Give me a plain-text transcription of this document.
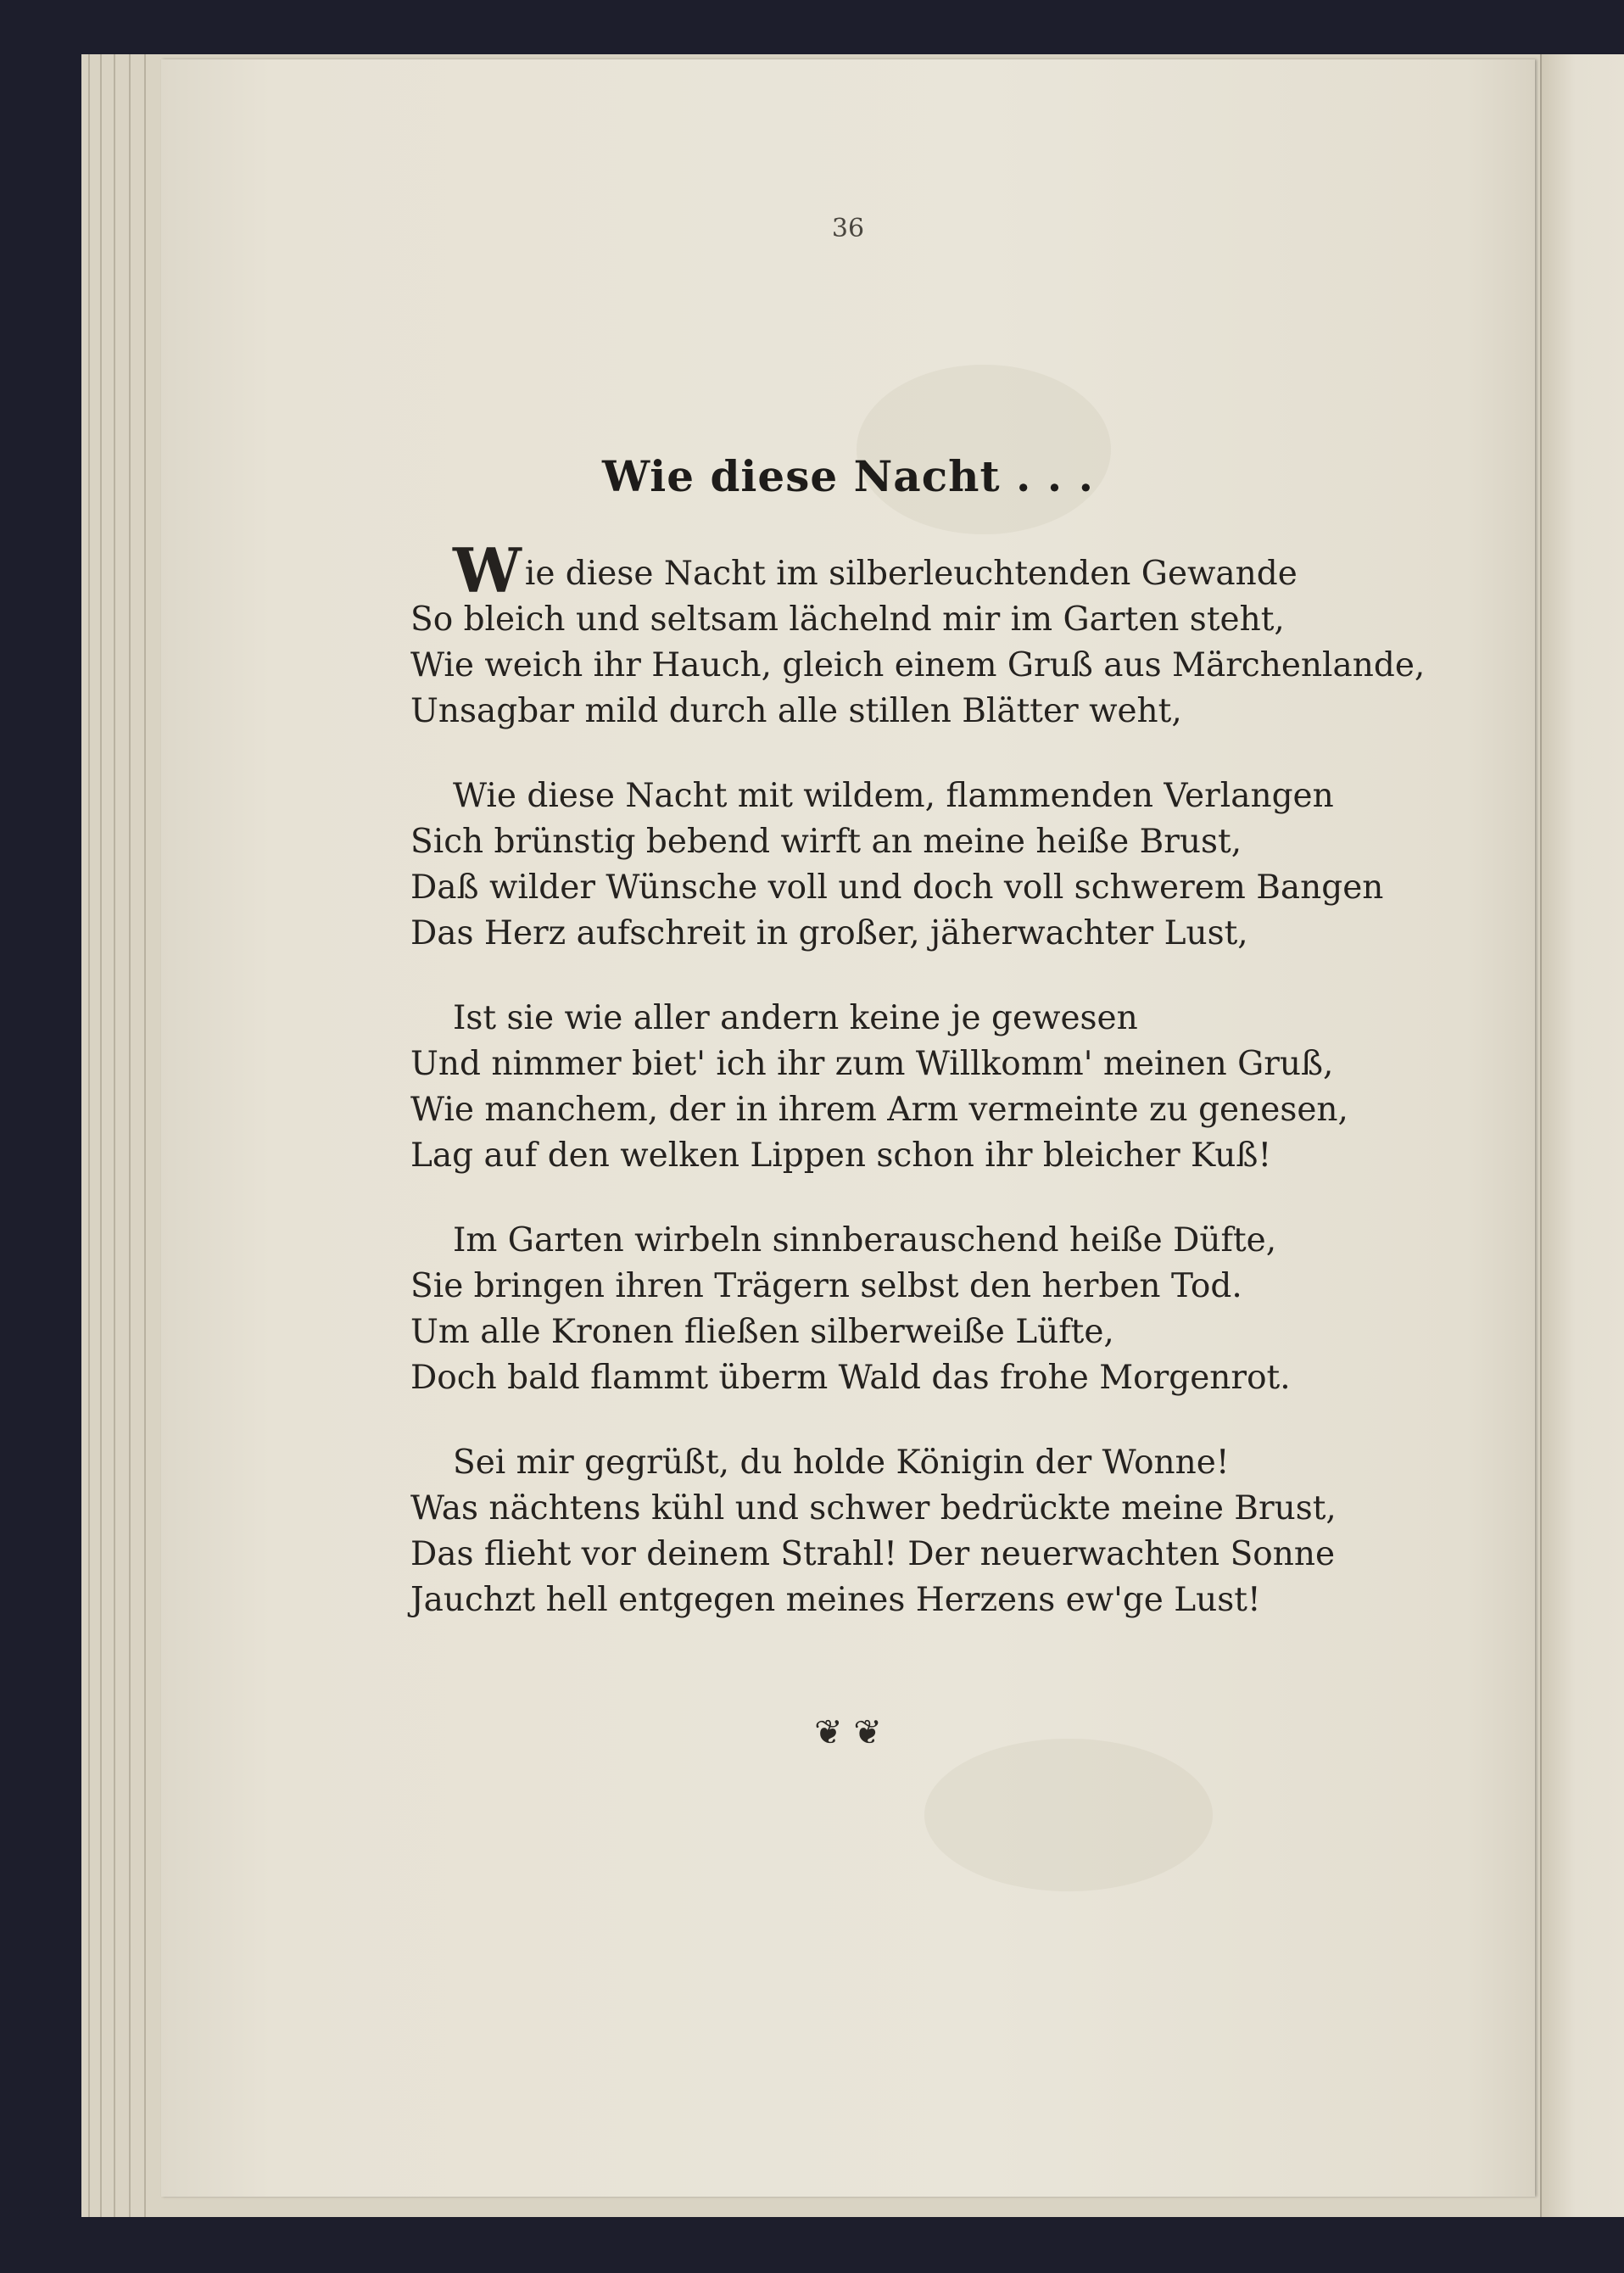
36
Wie diese Nacht . . .
Wie diese Nacht im silberleuchtenden Gewande
So bleich und seltsam lächelnd mir im Garten steht,
Wie weich ihr Hauch, gleich einem Gruß aus Märchenlande,
Unsagbar mild durch alle stillen Blätter weht,
Wie diese Nacht mit wildem, flammenden Verlangen
Sich brünstig bebend wirft an meine heiße Brust,
Daß wilder Wünsche voll und doch voll schwerem Bangen
Das Herz aufschreit in großer, jäherwachter Lust,
Ist sie wie aller andern keine je gewesen
Und nimmer biet' ich ihr zum Willkomm' meinen Gruß,
Wie manchem, der in ihrem Arm vermeinte zu genesen,
Lag auf den welken Lippen schon ihr bleicher Kuß!
Im Garten wirbeln sinnberauschend heiße Düfte,
Sie bringen ihren Trägern selbst den herben Tod.
Um alle Kronen fließen silberweiße Lüfte,
Doch bald flammt überm Wald das frohe Morgenrot.
Sei mir gegrüßt, du holde Königin der Wonne!
Was nächtens kühl und schwer bedrückte meine Brust,
Das flieht vor deinem Strahl! Der neuerwachten Sonne
Jauchzt hell entgegen meines Herzens ew'ge Lust!
❦ ❦
